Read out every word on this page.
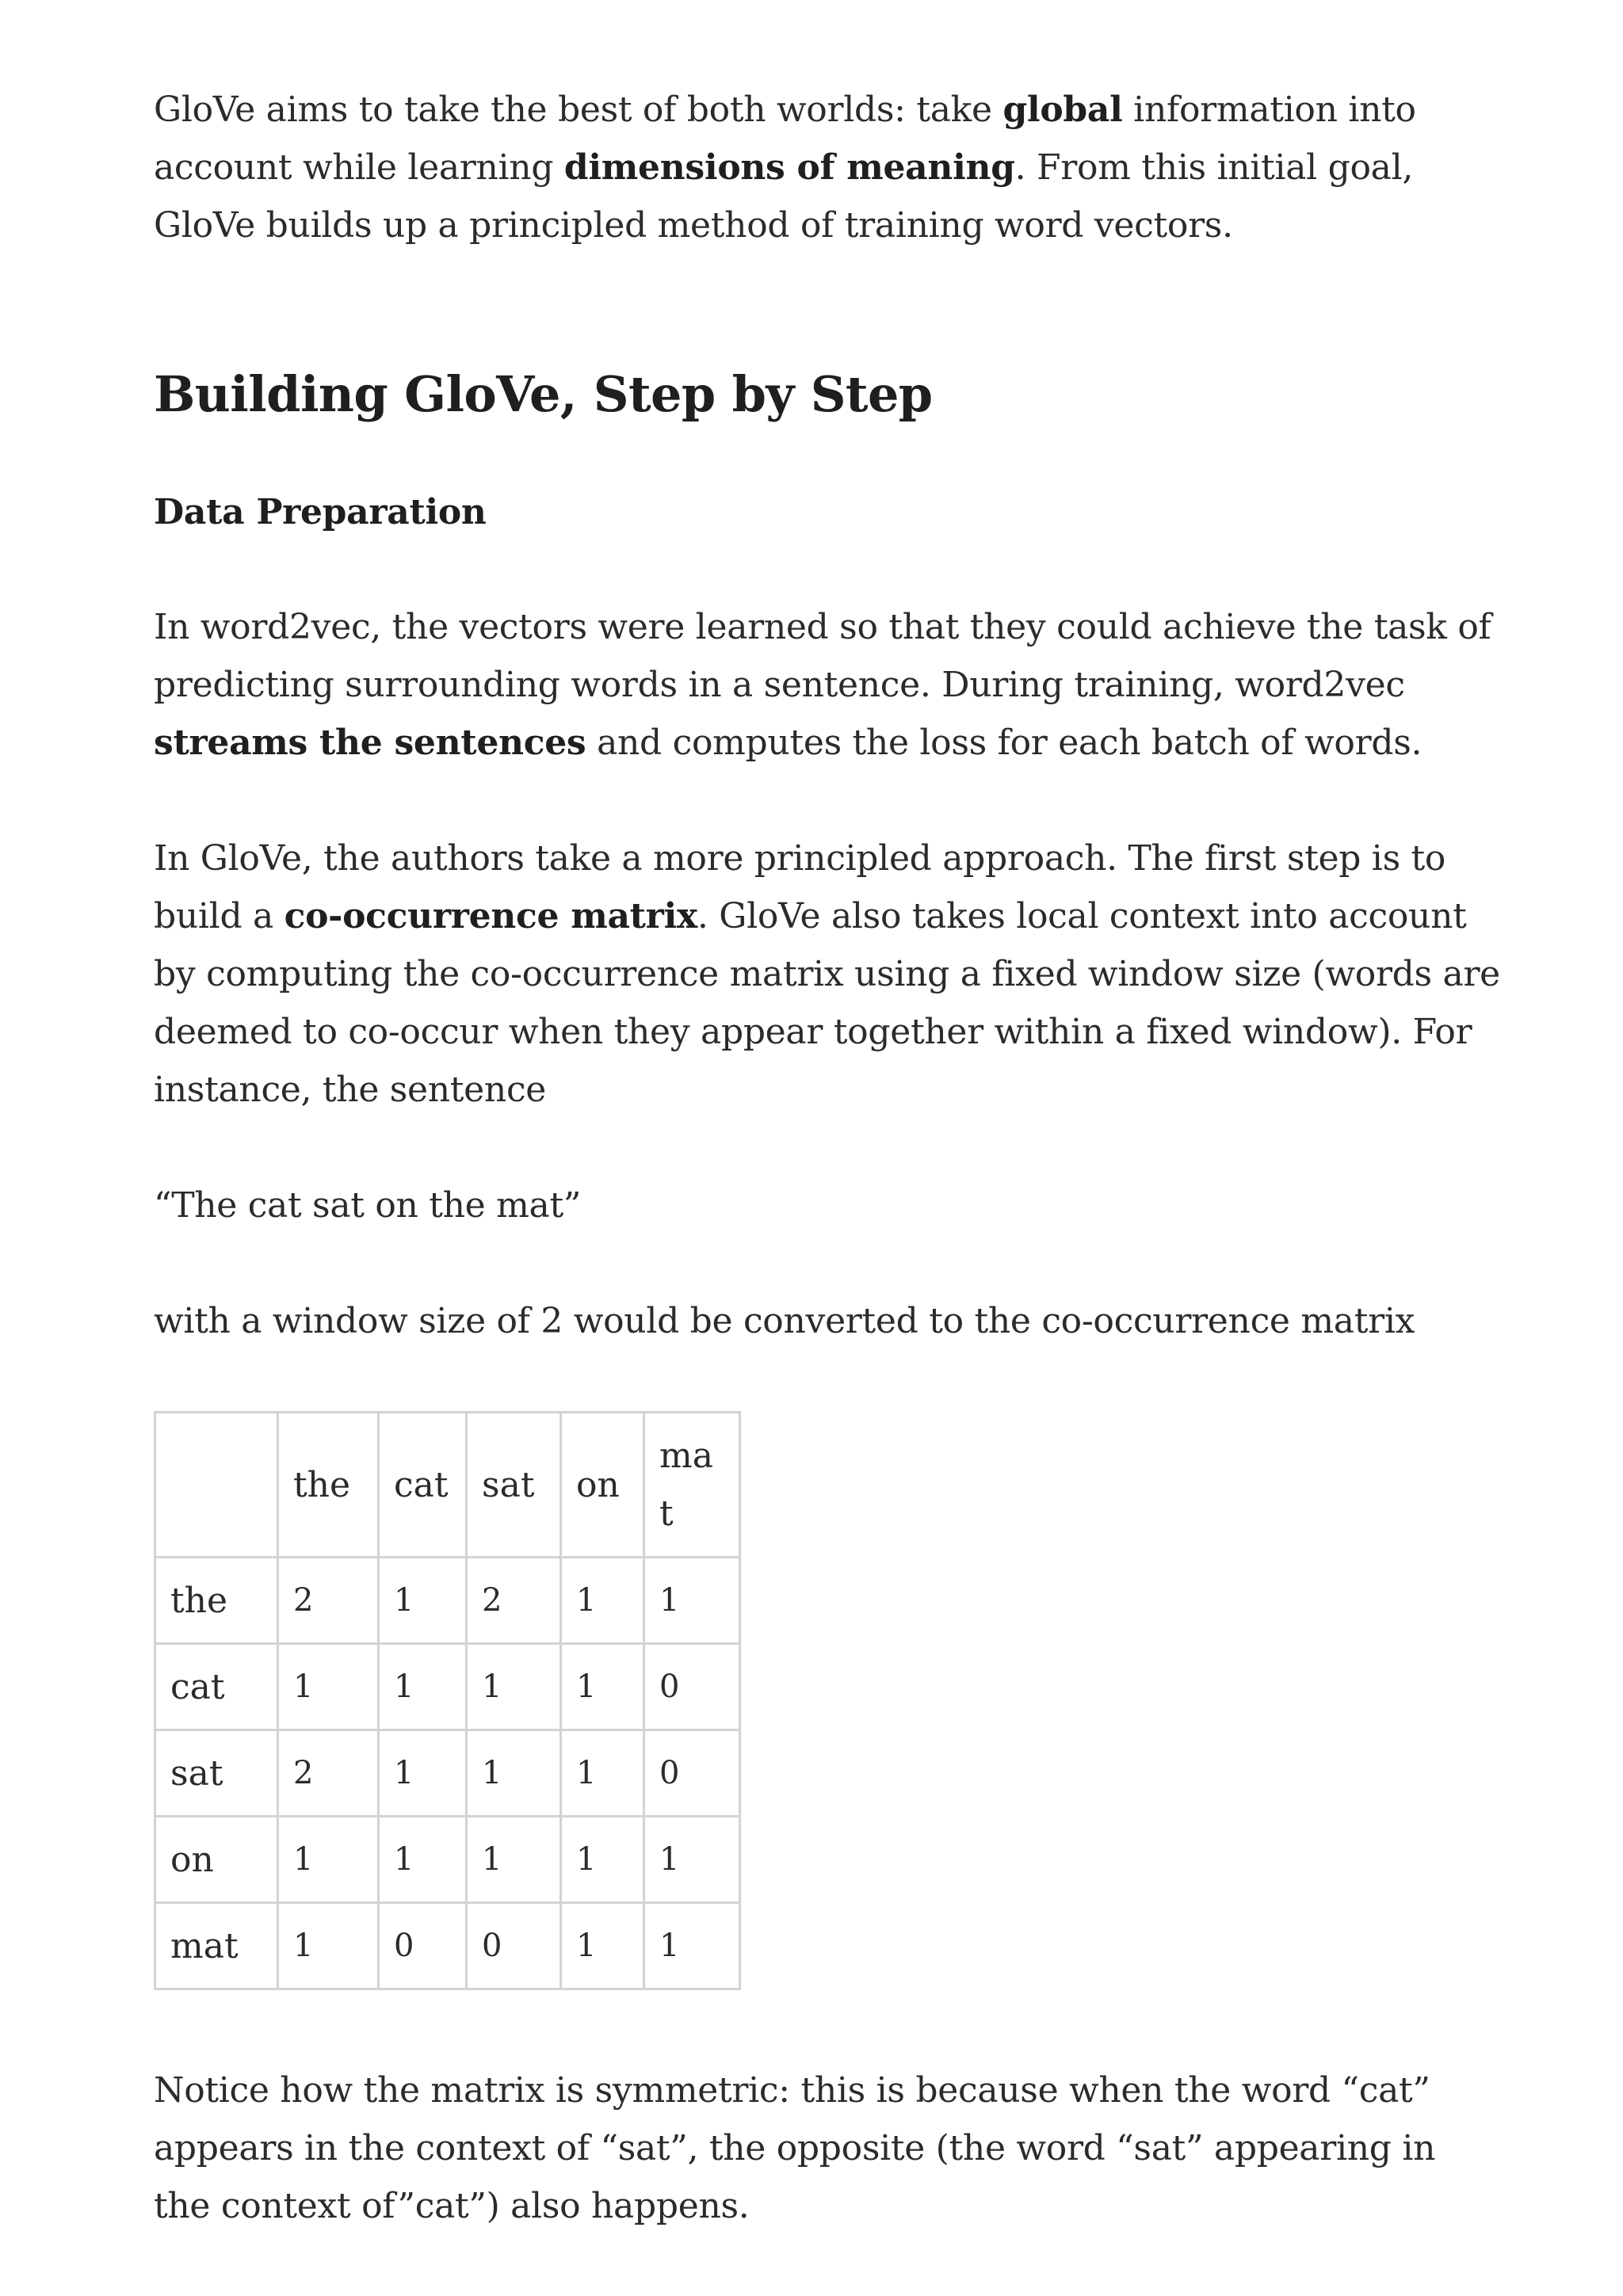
GloVe aims to take the best of both worlds: take global information into account while learning dimensions of meaning. From this initial goal, GloVe builds up a principled method of training word vectors.

Building GloVe, Step by Step
Data Preparation

In word2vec, the vectors were learned so that they could achieve the task of predicting surrounding words in a sentence. During training, word2vec streams the sentences and computes the loss for each batch of words.

In GloVe, the authors take a more principled approach. The first step is to build a co-occurrence matrix. GloVe also takes local context into account by computing the co-occurrence matrix using a fixed window size (words are deemed to co-occur when they appear together within a fixed window). For instance, the sentence

“The cat sat on the mat”

with a window size of 2 would be converted to the co-occurrence matrix

	the	cat	sat	on	mat
the	2	1	2	1	1
cat	1	1	1	1	0
sat	2	1	1	1	0
on	1	1	1	1	1
mat	1	0	0	1	1

Notice how the matrix is symmetric: this is because when the word “cat” appears in the context of “sat”, the opposite (the word “sat” appearing in the context of”cat”) also happens.
